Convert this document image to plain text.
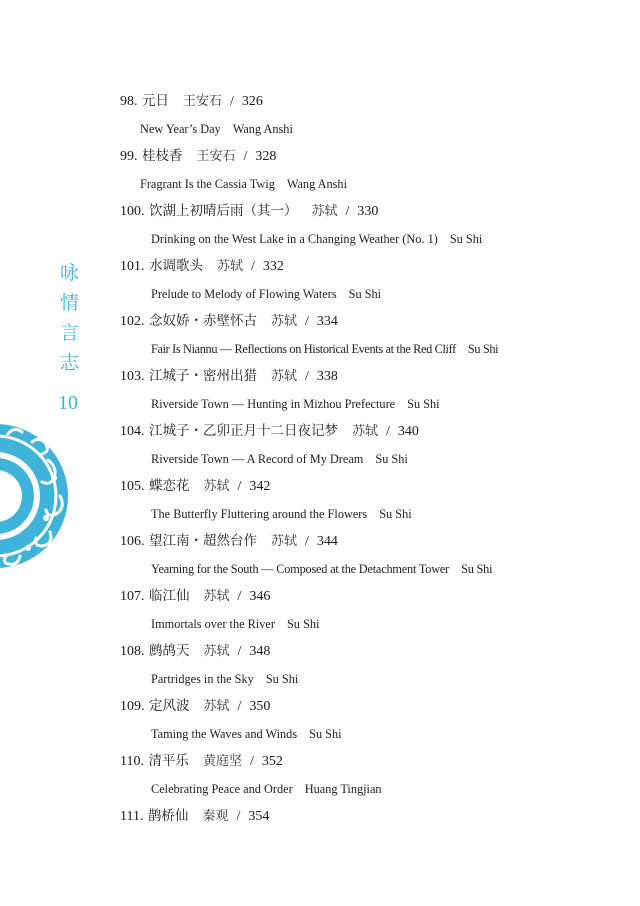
咏
情
言
志
10
98. 元日 王安石 / 326
New Year’s Day Wang Anshi
99. 桂枝香 王安石 / 328
Fragrant Is the Cassia Twig Wang Anshi
100. 饮湖上初晴后雨（其一） 苏轼 / 330
Drinking on the West Lake in a Changing Weather (No. 1) Su Shi
101. 水调歌头 苏轼 / 332
Prelude to Melody of Flowing Waters Su Shi
102. 念奴娇・赤壁怀古 苏轼 / 334
Fair Is Niannu — Reflections on Historical Events at the Red Cliff Su Shi
103. 江城子・密州出猎 苏轼 / 338
Riverside Town — Hunting in Mizhou Prefecture Su Shi
104. 江城子・乙卯正月十二日夜记梦 苏轼 / 340
Riverside Town — A Record of My Dream Su Shi
105. 蝶恋花 苏轼 / 342
The Butterfly Fluttering around the Flowers Su Shi
106. 望江南・超然台作 苏轼 / 344
Yearning for the South — Composed at the Detachment Tower Su Shi
107. 临江仙 苏轼 / 346
Immortals over the River Su Shi
108. 鹧鸪天 苏轼 / 348
Partridges in the Sky Su Shi
109. 定风波 苏轼 / 350
Taming the Waves and Winds Su Shi
110. 清平乐 黄庭坚 / 352
Celebrating Peace and Order Huang Tingjian
111. 鹊桥仙 秦观 / 354
